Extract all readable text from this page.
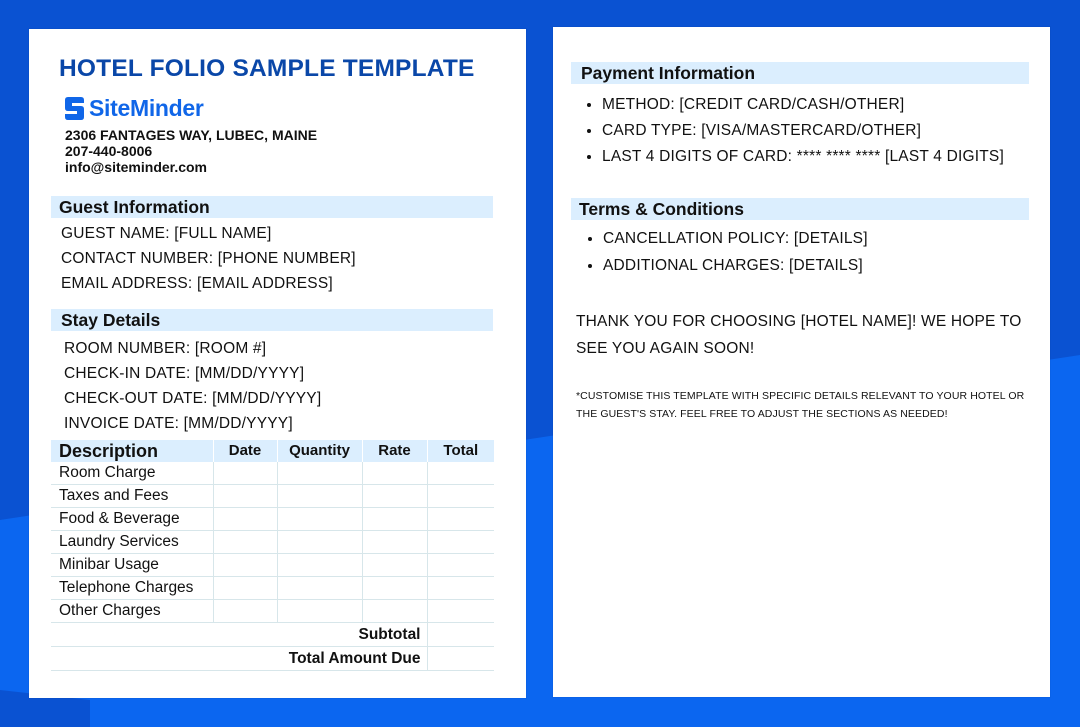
HOTEL FOLIO SAMPLE TEMPLATE
SiteMinder
2306 FANTAGES WAY, LUBEC, MAINE
207-440-8006
info@siteminder.com
Guest Information
GUEST NAME: [FULL NAME]
CONTACT NUMBER: [PHONE NUMBER]
EMAIL ADDRESS: [EMAIL ADDRESS]
Stay Details
ROOM NUMBER: [ROOM #]
CHECK-IN DATE: [MM/DD/YYYY]
CHECK-OUT DATE: [MM/DD/YYYY]
INVOICE DATE: [MM/DD/YYYY]
Description	Date	Quantity	Rate	Total
Room Charge				
Taxes and Fees				
Food & Beverage				
Laundry Services				
Minibar Usage				
Telephone Charges				
Other Charges				
Subtotal				
Total Amount Due				
Payment Information
METHOD: [CREDIT CARD/CASH/OTHER]
CARD TYPE: [VISA/MASTERCARD/OTHER]
LAST 4 DIGITS OF CARD: **** **** **** [LAST 4 DIGITS]
Terms & Conditions
CANCELLATION POLICY: [DETAILS]
ADDITIONAL CHARGES: [DETAILS]
THANK YOU FOR CHOOSING [HOTEL NAME]! WE HOPE TO SEE YOU AGAIN SOON!
*CUSTOMISE THIS TEMPLATE WITH SPECIFIC DETAILS RELEVANT TO YOUR HOTEL OR THE GUEST'S STAY. FEEL FREE TO ADJUST THE SECTIONS AS NEEDED!
